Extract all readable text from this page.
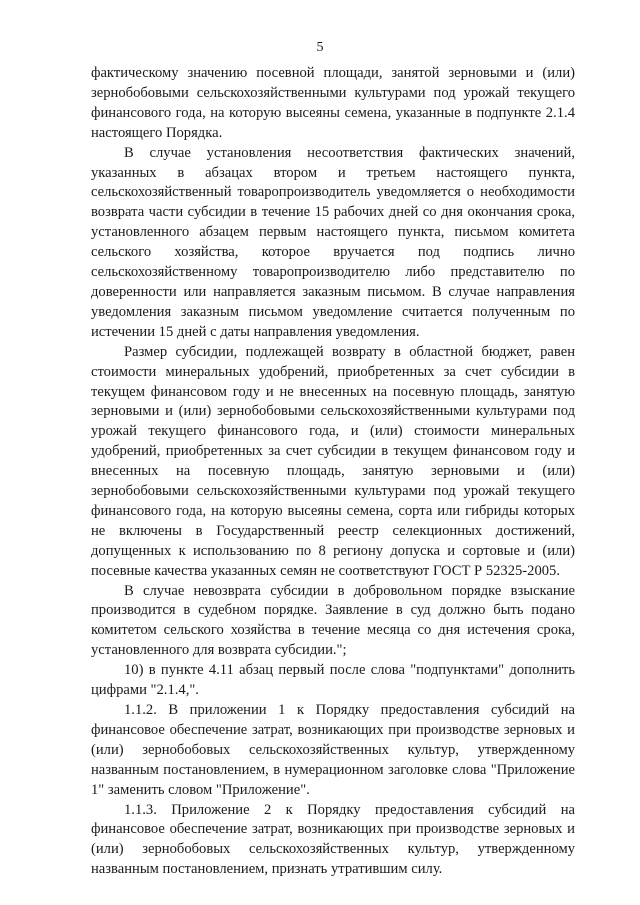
5

фактическому значению посевной площади, занятой зерновыми и (или) зернобобовыми сельскохозяйственными культурами под урожай текущего финансового года, на которую высеяны семена, указанные в подпункте 2.1.4 настоящего Порядка.

В случае установления несоответствия фактических значений, указанных в абзацах втором и третьем настоящего пункта, сельскохозяйственный товаропроизводитель уведомляется о необходимости возврата части субсидии в течение 15 рабочих дней со дня окончания срока, установленного абзацем первым настоящего пункта, письмом комитета сельского хозяйства, которое вручается под подпись лично сельскохозяйственному товаропроизводителю либо представителю по доверенности или направляется заказным письмом. В случае направления уведомления заказным письмом уведомление считается полученным по истечении 15 дней с даты направления уведомления.

Размер субсидии, подлежащей возврату в областной бюджет, равен стоимости минеральных удобрений, приобретенных за счет субсидии в текущем финансовом году и не внесенных на посевную площадь, занятую зерновыми и (или) зернобобовыми сельскохозяйственными культурами под урожай текущего финансового года, и (или) стоимости минеральных удобрений, приобретенных за счет субсидии в текущем финансовом году и внесенных на посевную площадь, занятую зерновыми и (или) зернобобовыми сельскохозяйственными культурами под урожай текущего финансового года, на которую высеяны семена, сорта или гибриды которых не включены в Государственный реестр селекционных достижений, допущенных к использованию по 8 региону допуска и сортовые и (или) посевные качества указанных семян не соответствуют ГОСТ Р 52325-2005.

В случае невозврата субсидии в добровольном порядке взыскание производится в судебном порядке. Заявление в суд должно быть подано комитетом сельского хозяйства в течение месяца со дня истечения срока, установленного для возврата субсидии.";

10) в пункте 4.11 абзац первый после слова "подпунктами" дополнить цифрами "2.1.4,".

1.1.2. В приложении 1 к Порядку предоставления субсидий на финансовое обеспечение затрат, возникающих при производстве зерновых и (или) зернобобовых сельскохозяйственных культур, утвержденному названным постановлением, в нумерационном заголовке слова "Приложение 1" заменить словом "Приложение".

1.1.3. Приложение 2 к Порядку предоставления субсидий на финансовое обеспечение затрат, возникающих при производстве зерновых и (или) зернобобовых сельскохозяйственных культур, утвержденному названным постановлением, признать утратившим силу.
